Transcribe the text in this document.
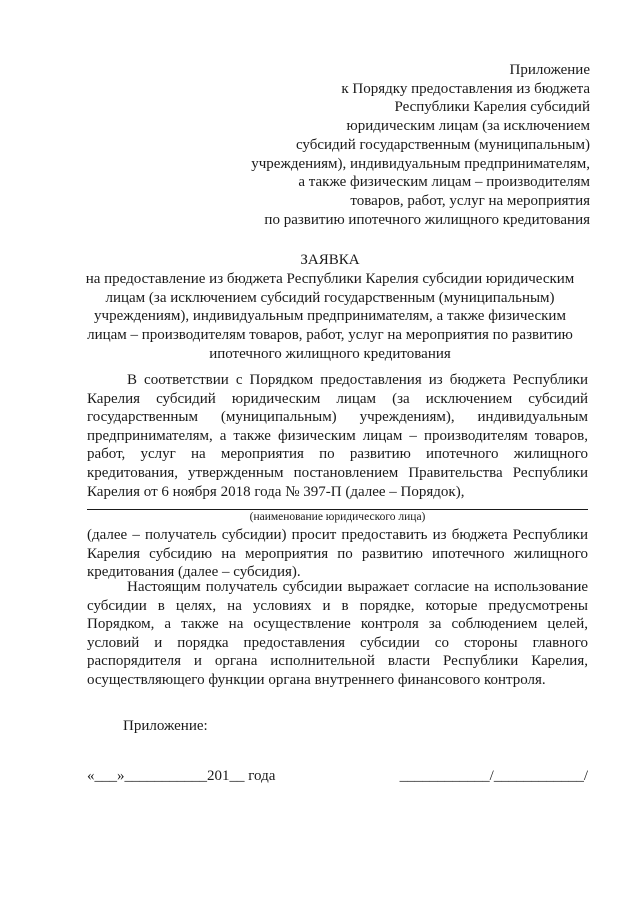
Приложение
к Порядку предоставления из бюджета
Республики Карелия субсидий
юридическим лицам (за исключением
субсидий государственным (муниципальным)
учреждениям), индивидуальным предпринимателям,
а также физическим лицам – производителям
товаров, работ, услуг на мероприятия
по развитию ипотечного жилищного кредитования
ЗАЯВКА
на предоставление из бюджета Республики Карелия субсидии юридическим
лицам (за исключением субсидий государственным (муниципальным)
учреждениям), индивидуальным предпринимателям, а также физическим
лицам – производителям товаров, работ, услуг на мероприятия по развитию
ипотечного жилищного кредитования
В соответствии с Порядком предоставления из бюджета Республики Карелия субсидий юридическим лицам (за исключением субсидий государственным (муниципальным) учреждениям), индивидуальным предпринимателям, а также физическим лицам – производителям товаров, работ, услуг на мероприятия по развитию ипотечного жилищного кредитования, утвержденным постановлением Правительства Республики Карелия от 6 ноября 2018 года № 397-П (далее – Порядок),
(наименование юридического лица)
(далее – получатель субсидии) просит предоставить из бюджета Республики Карелия субсидию на мероприятия по развитию ипотечного жилищного кредитования (далее – субсидия).
Настоящим получатель субсидии выражает согласие на использование субсидии в целях, на условиях и в порядке, которые предусмотрены Порядком, а также на осуществление контроля за соблюдением целей, условий и порядка предоставления субсидии со стороны главного распорядителя и органа исполнительной власти Республики Карелия, осуществляющего функции органа внутреннего финансового контроля.
Приложение:
«___»___________201__ года	____________/____________/
